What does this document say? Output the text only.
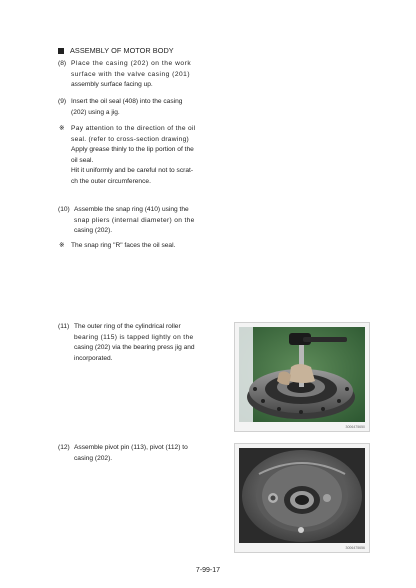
ASSEMBLY OF MOTOR BODY
(8) Place the casing (202) on the work
surface with the valve casing (201)
assembly surface facing up.
(9) Insert the oil seal (408) into the casing
(202) using a jig.
※ Pay attention to the direction of the oil
seal. (refer to cross-section drawing)
Apply grease thinly to the lip portion of the
oil seal.
Hit it uniformly and be careful not to scrat-
ch the outer circumference.
(10) Assemble the snap ring (410) using the
snap pliers (internal diameter) on the
casing (202).
※ The snap ring "R" faces the oil seal.
(11) The outer ring of the cylindrical roller
bearing (115) is tapped lightly on the
casing (202) via the bearing press jig and
incorporated.
(12) Assemble pivot pin (113), pivot (112) to
casing (202).
3006475650
3006475656
7-99-17
